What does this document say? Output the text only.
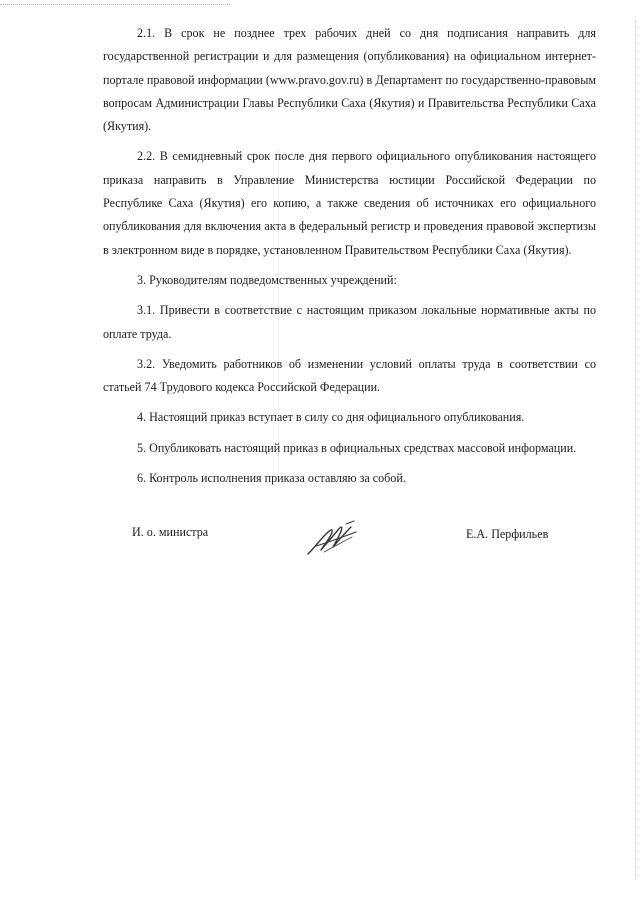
2.1. В срок не позднее трех рабочих дней со дня подписания направить для государственной регистрации и для размещения (опубликования) на официальном интернет-портале правовой информации (www.pravo.gov.ru) в Департамент по государственно-правовым вопросам Администрации Главы Республики Саха (Якутия) и Правительства Республики Саха (Якутия).

2.2. В семидневный срок после дня первого официального опубликования настоящего приказа направить в Управление Министерства юстиции Российской Федерации по Республике Саха (Якутия) его копию, а также сведения об источниках его официального опубликования для включения акта в федеральный регистр и проведения правовой экспертизы в электронном виде в порядке, установленном Правительством Республики Саха (Якутия).

3. Руководителям подведомственных учреждений:

3.1. Привести в соответствие с настоящим приказом локальные нормативные акты по оплате труда.

3.2. Уведомить работников об изменении условий оплаты труда в соответствии со статьей 74 Трудового кодекса Российской Федерации.

4. Настоящий приказ вступает в силу со дня официального опубликования.

5. Опубликовать настоящий приказ в официальных средствах массовой информации.

6. Контроль исполнения приказа оставляю за собой.

И. о. министра	Е.А. Перфильев
